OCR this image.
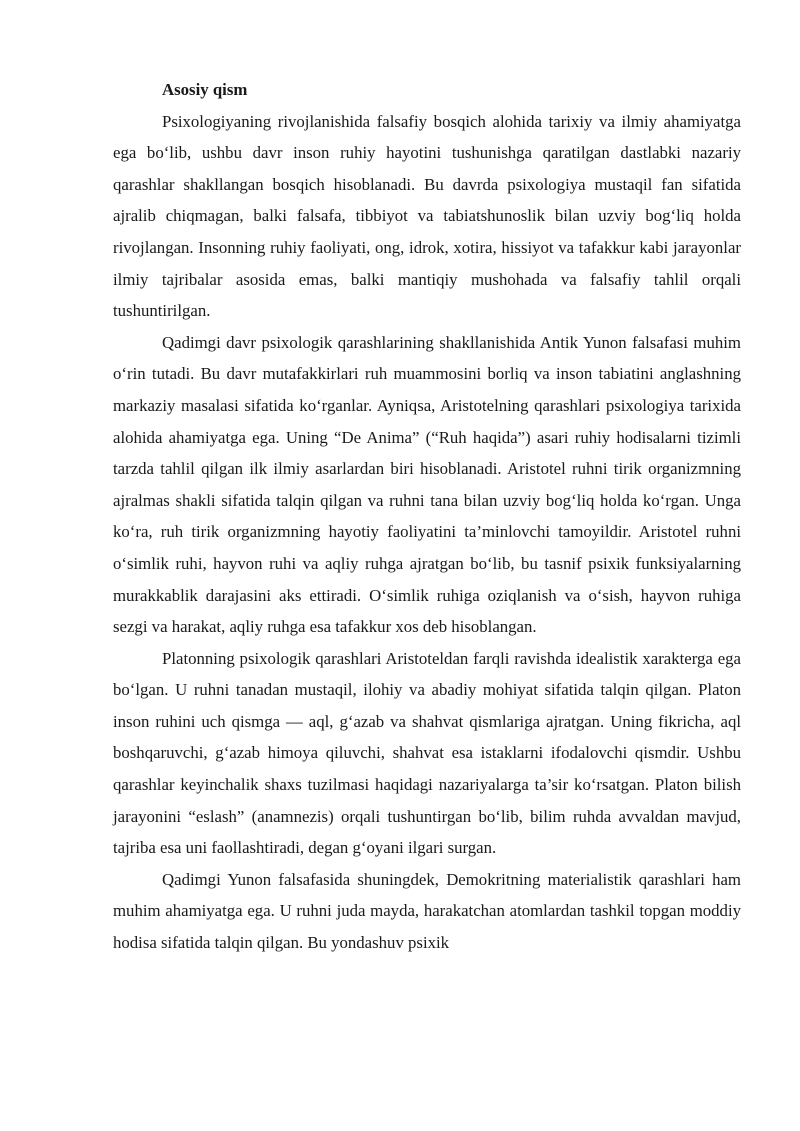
Asosiy qism

Psixologiyaning rivojlanishida falsafiy bosqich alohida tarixiy va ilmiy ahamiyatga ega boʻlib, ushbu davr inson ruhiy hayotini tushunishga qaratilgan dastlabki nazariy qarashlar shakllangan bosqich hisoblanadi. Bu davrda psixologiya mustaqil fan sifatida ajralib chiqmagan, balki falsafa, tibbiyot va tabiatshunoslik bilan uzviy bogʻliq holda rivojlangan. Insonning ruhiy faoliyati, ong, idrok, xotira, hissiyot va tafakkur kabi jarayonlar ilmiy tajribalar asosida emas, balki mantiqiy mushohada va falsafiy tahlil orqali tushuntirilgan.

Qadimgi davr psixologik qarashlarining shakllanishida Antik Yunon falsafasi muhim oʻrin tutadi. Bu davr mutafakkirlari ruh muammosini borliq va inson tabiatini anglashning markaziy masalasi sifatida koʻrganlar. Ayniqsa, Aristotelning qarashlari psixologiya tarixida alohida ahamiyatga ega. Uning “De Anima” (“Ruh haqida”) asari ruhiy hodisalarni tizimli tarzda tahlil qilgan ilk ilmiy asarlardan biri hisoblanadi. Aristotel ruhni tirik organizmning ajralmas shakli sifatida talqin qilgan va ruhni tana bilan uzviy bogʻliq holda koʻrgan. Unga koʻra, ruh tirik organizmning hayotiy faoliyatini ta’minlovchi tamoyildir. Aristotel ruhni oʻsimlik ruhi, hayvon ruhi va aqliy ruhga ajratgan boʻlib, bu tasnif psixik funksiyalarning murakkablik darajasini aks ettiradi. Oʻsimlik ruhiga oziqlanish va oʻsish, hayvon ruhiga sezgi va harakat, aqliy ruhga esa tafakkur xos deb hisoblangan.

Platonning psixologik qarashlari Aristoteldan farqli ravishda idealistik xarakterga ega boʻlgan. U ruhni tanadan mustaqil, ilohiy va abadiy mohiyat sifatida talqin qilgan. Platon inson ruhini uch qismga — aql, gʻazab va shahvat qismlariga ajratgan. Uning fikricha, aql boshqaruvchi, gʻazab himoya qiluvchi, shahvat esa istaklarni ifodalovchi qismdir. Ushbu qarashlar keyinchalik shaxs tuzilmasi haqidagi nazariyalarga ta’sir koʻrsatgan. Platon bilish jarayonini “eslash” (anamnezis) orqali tushuntirgan boʻlib, bilim ruhda avvaldan mavjud, tajriba esa uni faollashtiradi, degan gʻoyani ilgari surgan.

Qadimgi Yunon falsafasida shuningdek, Demokritning materialistik qarashlari ham muhim ahamiyatga ega. U ruhni juda mayda, harakatchan atomlardan tashkil topgan moddiy hodisa sifatida talqin qilgan. Bu yondashuv psixik
